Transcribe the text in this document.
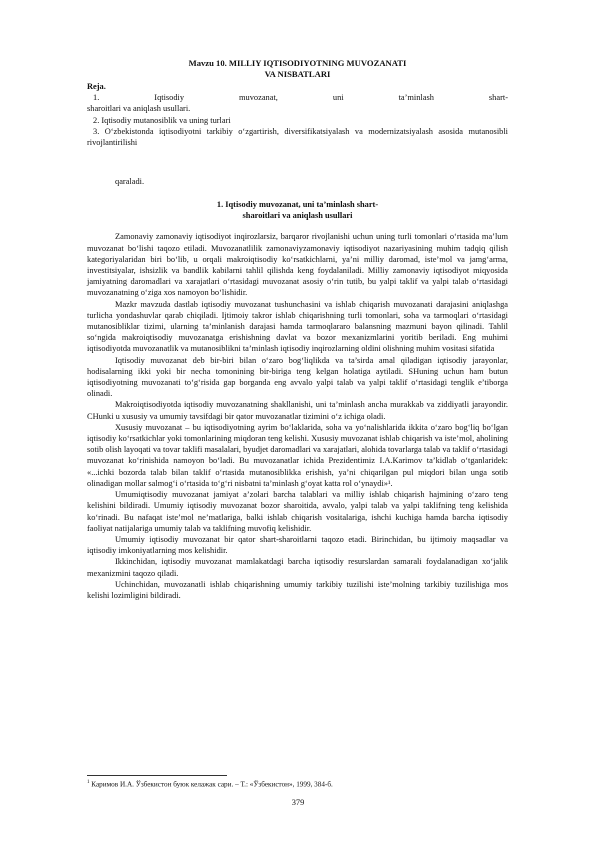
Mavzu 10. MILLIY IQTISODIYOTNING MUVOZANATI
VA NISBATLARI
Reja.
1. Iqtisodiy muvozanat, uni ta’minlash shart-
sharoitlari va aniqlash usullari.
2. Iqtisodiy mutanosiblik va uning turlari
3. O‘zbekistonda iqtisodiyotni tarkibiy o‘zgartirish, diversifikatsiyalash va modernizatsiyalash asosida mutanosibli rivojlantirilishi
qaraladi.
1. Iqtisodiy muvozanat, uni ta’minlash shart-
sharoitlari va aniqlash usullari

Zamonaviy zamonaviy iqtisodiyot inqirozlarsiz, barqaror rivojlanishi uchun uning turli tomonlari o‘rtasida ma’lum muvozanat bo‘lishi taqozo etiladi. Muvozanatlilik zamonaviyzamonaviy iqtisodiyot nazariyasining muhim tadqiq qilish kategoriyalaridan biri bo‘lib, u orqali makroiqtisodiy ko‘rsatkichlarni, ya’ni milliy daromad, iste’mol va jamg‘arma, investitsiyalar, ishsizlik va bandlik kabilarni tahlil qilishda keng foydalaniladi. Milliy zamonaviy iqtisodiyot miqyosida jamiyatning daromadlari va xarajatlari o‘rtasidagi muvozanat asosiy o‘rin tutib, bu yalpi taklif va yalpi talab o‘rtasidagi muvozanatning o‘ziga xos namoyon bo‘lishidir.

Mazkr mavzuda dastlab iqtisodiy muvozanat tushunchasini va ishlab chiqarish muvozanati darajasini aniqlashga turlicha yondashuvlar qarab chiqiladi. Ijtimoiy takror ishlab chiqarishning turli tomonlari, soha va tarmoqlari o‘rtasidagi mutanosibliklar tizimi, ularning ta’minlanish darajasi hamda tarmoqlararo balansning mazmuni bayon qilinadi. Tahlil so‘ngida makroiqtisodiy muvozanatga erishishning davlat va bozor mexanizmlarini yoritib beriladi. Eng muhimi iqtisodiyotda muvozanatlik va mutanosiblikni ta’minlash iqtisodiy inqirozlarning oldini olishning muhim vositasi sifatida

Iqtisodiy muvozanat deb bir-biri bilan o‘zaro bog‘liqlikda va ta’sirda amal qiladigan iqtisodiy jarayonlar, hodisalarning ikki yoki bir necha tomonining bir-biriga teng kelgan holatiga aytiladi. SHuning uchun ham butun iqtisodiyotning muvozanati to‘g‘risida gap borganda eng avvalo yalpi talab va yalpi taklif o‘rtasidagi tenglik e’tiborga olinadi.

Makroiqtisodiyotda iqtisodiy muvozanatning shakllanishi, uni ta’minlash ancha murakkab va ziddiyatli jarayondir. CHunki u xususiy va umumiy tavsifdagi bir qator muvozanatlar tizimini o‘z ichiga oladi.

Xususiy muvozanat – bu iqtisodiyotning ayrim bo‘laklarida, soha va yo‘nalishlarida ikkita o‘zaro bog‘liq bo‘lgan iqtisodiy ko‘rsatkichlar yoki tomonlarining miqdoran teng kelishi. Xususiy muvozanat ishlab chiqarish va iste’mol, aholining sotib olish layoqati va tovar taklifi masalalari, byudjet daromadlari va xarajatlari, alohida tovarlarga talab va taklif o‘rtasidagi muvozanat ko‘rinishida namoyon bo‘ladi. Bu muvozanatlar ichida Prezidentimiz I.A.Karimov ta’kidlab o‘tganlaridek: «...ichki bozorda talab bilan taklif o‘rtasida mutanosiblikka erishish, ya’ni chiqarilgan pul miqdori bilan unga sotib olinadigan mollar salmog‘i o‘rtasida to‘g‘ri nisbatni ta’minlash g‘oyat katta rol o‘ynaydi»¹.

Umumiqtisodiy muvozanat jamiyat a’zolari barcha talablari va milliy ishlab chiqarish hajmining o‘zaro teng kelishini bildiradi. Umumiy iqtisodiy muvozanat bozor sharoitida, avvalo, yalpi talab va yalpi taklifning teng kelishida ko‘rinadi. Bu nafaqat iste’mol ne’matlariga, balki ishlab chiqarish vositalariga, ishchi kuchiga hamda barcha iqtisodiy faoliyat natijalariga umumiy talab va taklifning muvofiq kelishidir.

Umumiy iqtisodiy muvozanat bir qator shart-sharoitlarni taqozo etadi. Birinchidan, bu ijtimoiy maqsadlar va iqtisodiy imkoniyatlarning mos kelishidir.

Ikkinchidan, iqtisodiy muvozanat mamlakatdagi barcha iqtisodiy resurslardan samarali foydalanadigan xo‘jalik mexanizmini taqozo qiladi.

Uchinchidan, muvozanatli ishlab chiqarishning umumiy tarkibiy tuzilishi iste’molning tarkibiy tuzilishiga mos kelishi lozimligini bildiradi.

$^1$ Каримов И.А. Ўзбекистон буюк келажак сари. – Т.: «Ўзбекистон», 1999, 384-б.
379
